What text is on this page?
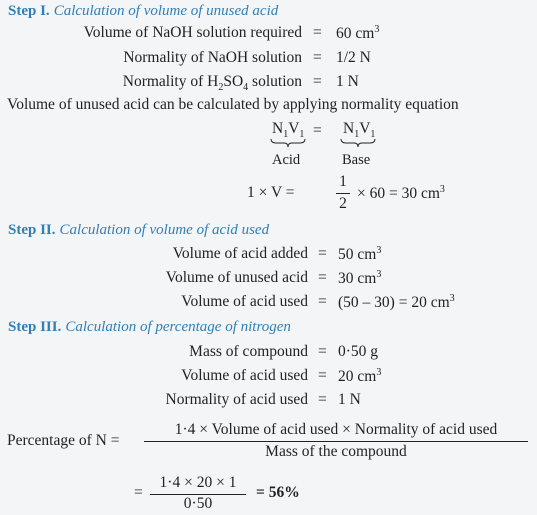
Step I. Calculation of volume of unused acid
Volume of NaOH solution required = 60 $cm^3$
Normality of NaOH solution = 1/2 N
Normality of $H_2SO_4$ solution = 1 N
Volume of unused acid can be calculated by applying normality equation
$N_1V_1 = N_1V_1$
Acid	Base
1 × V =
1
2
× 60 = 30 $cm^3$
Step II. Calculation of volume of acid used
Volume of acid added = 50 $cm^3$
Volume of unused acid = 30 $cm^3$
Volume of acid used = (50 – 30) = 20 $cm^3$
Step III. Calculation of percentage of nitrogen
Mass of compound = 0·50 g
Volume of acid used = 20 $cm^3$
Normality of acid used = 1 N
Percentage of N =
1·4 × Volume of acid used × Normality of acid used
Mass of the compound
=
1·4 × 20 × 1
0·50
= 56%
